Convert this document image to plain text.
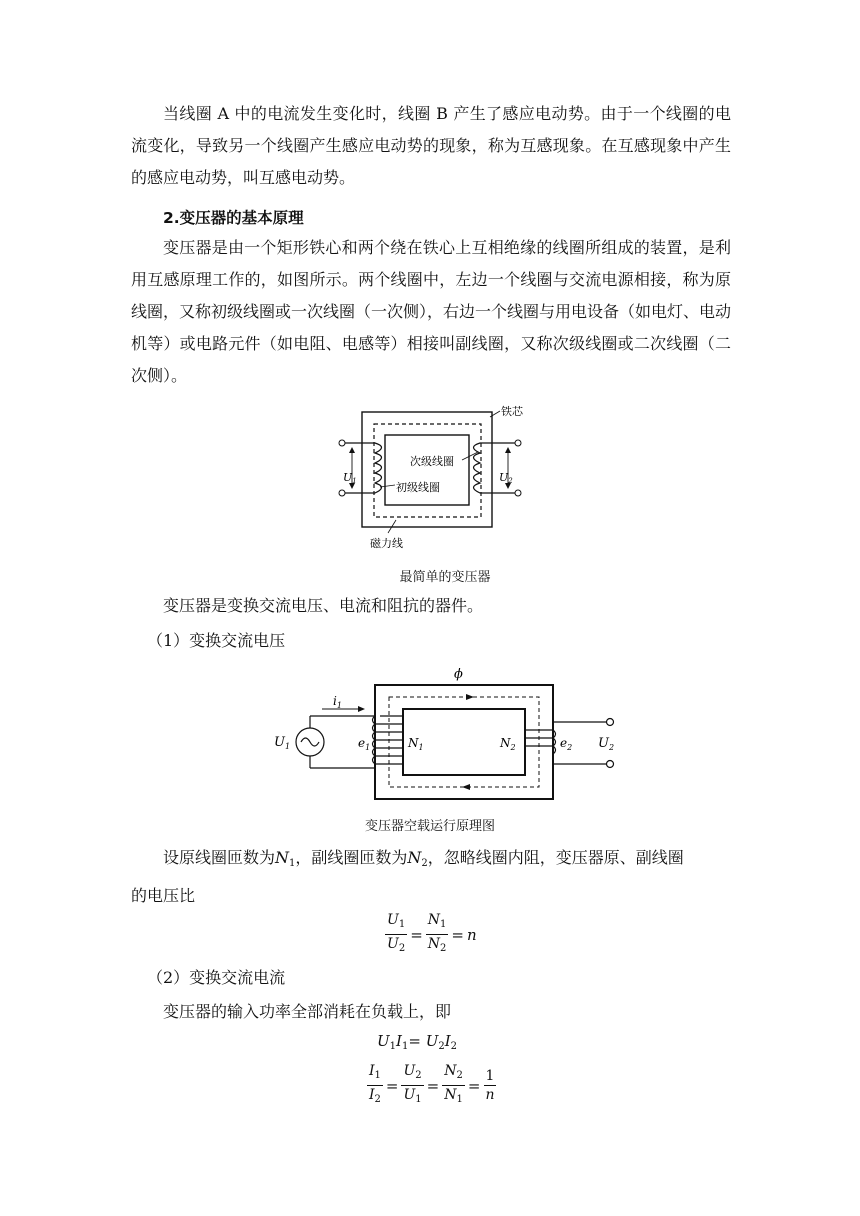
当线圈 A 中的电流发生变化时，线圈 B 产生了感应电动势。由于一个线圈的电流变化，导致另一个线圈产生感应电动势的现象，称为互感现象。在互感现象中产生的感应电动势，叫互感电动势。

2.变压器的基本原理

变压器是由一个矩形铁心和两个绕在铁心上互相绝缘的线圈所组成的装置，是利用互感原理工作的，如图所示。两个线圈中，左边一个线圈与交流电源相接，称为原线圈，又称初级线圈或一次线圈（一次侧），右边一个线圈与用电设备（如电灯、电动机等）或电路元件（如电阻、电感等）相接叫副线圈，又称次级线圈或二次线圈（二次侧）。

U1	U2
铁芯
次级线圈
初级线圈
磁力线
最简单的变压器

变压器是变换交流电压、电流和阻抗的器件。

（1）变换交流电压

ϕ
$U_1$
$i_1$
$e_1$	$N_1$	$N_2$	$e_2$ $U_2$
变压器空载运行原理图

设原线圈匝数为$N_1$，副线圈匝数为$N_2$，忽略线圈内阻，变压器原、副线圈
的电压比

$\frac{U_1}{U_2} = \frac{N_1}{N_2} = n$

（2）变换交流电流

变压器的输入功率全部消耗在负载上，即

$U_1I_1= U_2I_2$
$\frac{I_1}{I_2} = \frac{U_2}{U_1} = \frac{N_2}{N_1} = \frac{1}{n}$
